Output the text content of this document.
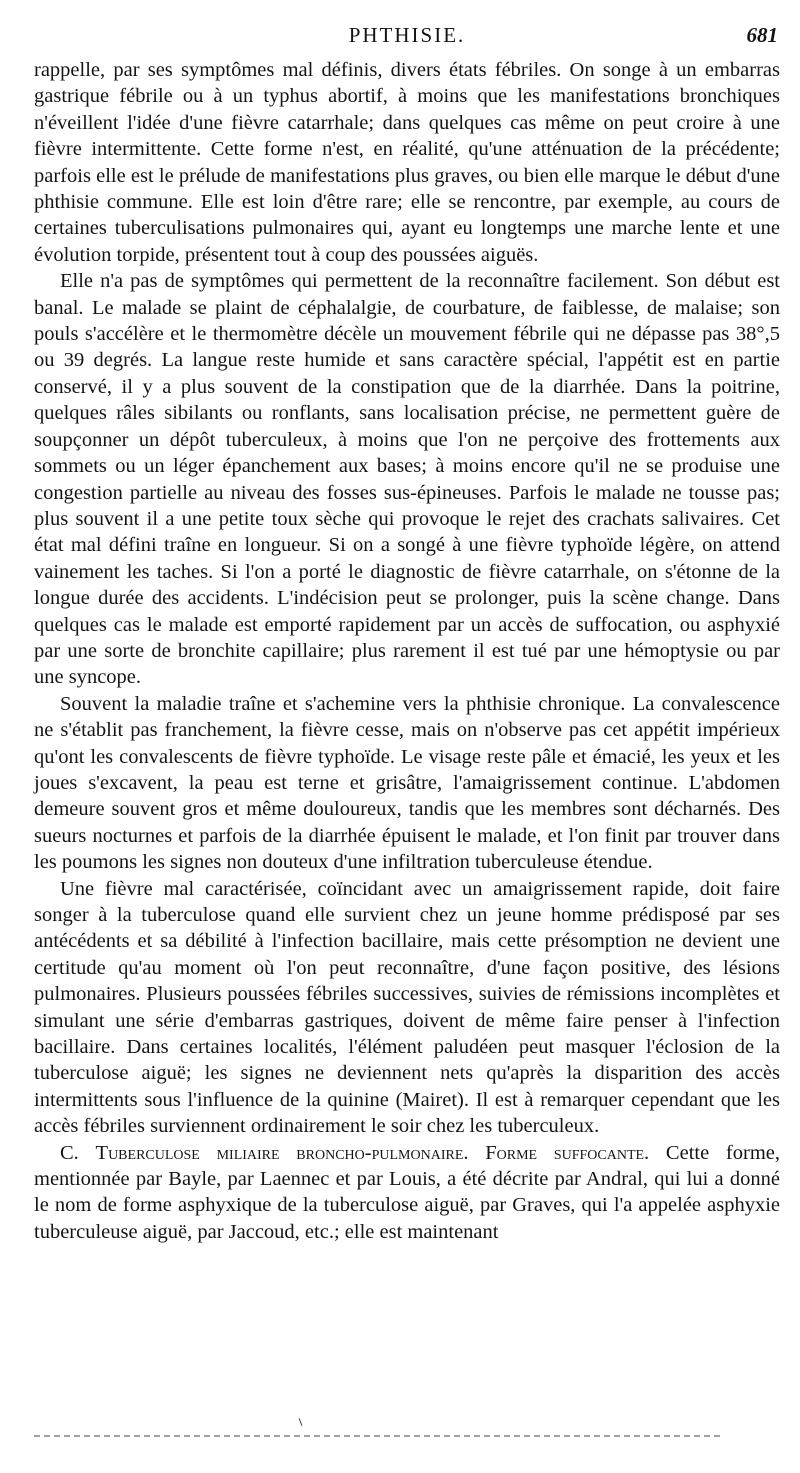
PHTHISIE.	681

rappelle, par ses symptômes mal définis, divers états fébriles. On songe à un embarras gastrique fébrile ou à un typhus abortif, à moins que les manifestations bronchiques n'éveillent l'idée d'une fièvre catarrhale; dans quelques cas même on peut croire à une fièvre intermittente. Cette forme n'est, en réalité, qu'une atténuation de la précédente; parfois elle est le prélude de manifestations plus graves, ou bien elle marque le début d'une phthisie commune. Elle est loin d'être rare; elle se rencontre, par exemple, au cours de certaines tuberculisations pulmonaires qui, ayant eu longtemps une marche lente et une évolution torpide, présentent tout à coup des poussées aiguës.

Elle n'a pas de symptômes qui permettent de la reconnaître facilement. Son début est banal. Le malade se plaint de céphalalgie, de courbature, de faiblesse, de malaise; son pouls s'accélère et le thermomètre décèle un mouvement fébrile qui ne dépasse pas 38°,5 ou 39 degrés. La langue reste humide et sans caractère spécial, l'appétit est en partie conservé, il y a plus souvent de la constipation que de la diarrhée. Dans la poitrine, quelques râles sibilants ou ronflants, sans localisation précise, ne permettent guère de soupçonner un dépôt tuberculeux, à moins que l'on ne perçoive des frottements aux sommets ou un léger épanchement aux bases; à moins encore qu'il ne se produise une congestion partielle au niveau des fosses sus-épineuses. Parfois le malade ne tousse pas; plus souvent il a une petite toux sèche qui provoque le rejet des crachats salivaires. Cet état mal défini traîne en longueur. Si on a songé à une fièvre typhoïde légère, on attend vainement les taches. Si l'on a porté le diagnostic de fièvre catarrhale, on s'étonne de la longue durée des accidents. L'indécision peut se prolonger, puis la scène change. Dans quelques cas le malade est emporté rapidement par un accès de suffocation, ou asphyxié par une sorte de bronchite capillaire; plus rarement il est tué par une hémoptysie ou par une syncope.

Souvent la maladie traîne et s'achemine vers la phthisie chronique. La convalescence ne s'établit pas franchement, la fièvre cesse, mais on n'observe pas cet appétit impérieux qu'ont les convalescents de fièvre typhoïde. Le visage reste pâle et émacié, les yeux et les joues s'excavent, la peau est terne et grisâtre, l'amaigrissement continue. L'abdomen demeure souvent gros et même douloureux, tandis que les membres sont décharnés. Des sueurs nocturnes et parfois de la diarrhée épuisent le malade, et l'on finit par trouver dans les poumons les signes non douteux d'une infiltration tuberculeuse étendue.

Une fièvre mal caractérisée, coïncidant avec un amaigrissement rapide, doit faire songer à la tuberculose quand elle survient chez un jeune homme prédisposé par ses antécédents et sa débilité à l'infection bacillaire, mais cette présomption ne devient une certitude qu'au moment où l'on peut reconnaître, d'une façon positive, des lésions pulmonaires. Plusieurs poussées fébriles successives, suivies de rémissions incomplètes et simulant une série d'embarras gastriques, doivent de même faire penser à l'infection bacillaire. Dans certaines localités, l'élément paludéen peut masquer l'éclosion de la tuberculose aiguë; les signes ne deviennent nets qu'après la disparition des accès intermittents sous l'influence de la quinine (Mairet). Il est à remarquer cependant que les accès fébriles surviennent ordinairement le soir chez les tuberculeux.

C. Tuberculose miliaire broncho-pulmonaire. Forme suffocante. Cette forme, mentionnée par Bayle, par Laennec et par Louis, a été décrite par Andral, qui lui a donné le nom de forme asphyxique de la tuberculose aiguë, par Graves, qui l'a appelée asphyxie tuberculeuse aiguë, par Jaccoud, etc.; elle est maintenant
